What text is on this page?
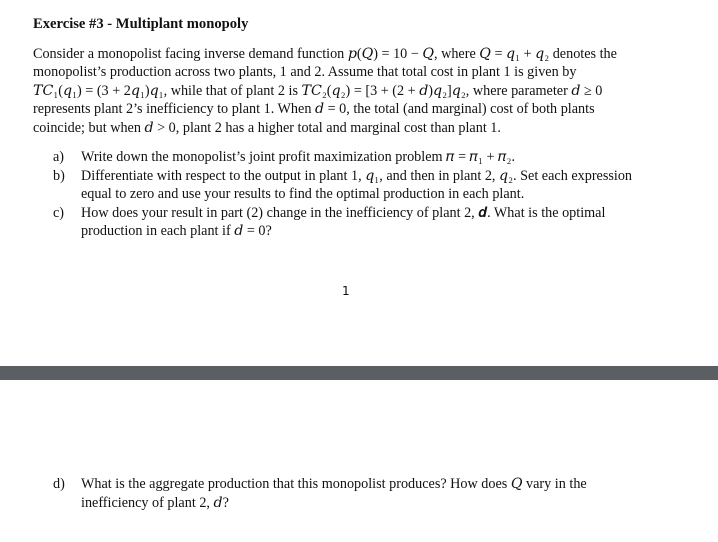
Exercise #3 - Multiplant monopoly
Consider a monopolist facing inverse demand function 𝑝(𝑄) = 10 − 𝑄, where 𝑄 = 𝑞₁ + 𝑞₂ denotes the
monopolist’s production across two plants, 1 and 2. Assume that total cost in plant 1 is given by
𝑇𝐶₁(𝑞₁) = (3 + 2𝑞₁)𝑞₁, while that of plant 2 is 𝑇𝐶₂(𝑞₂) = [3 + (2 + 𝑑)𝑞₂]𝑞₂, where parameter 𝑑 ≥ 0
represents plant 2’s inefficiency to plant 1. When 𝑑 = 0, the total (and marginal) cost of both plants
coincide; but when 𝑑 > 0, plant 2 has a higher total and marginal cost than plant 1.
a) Write down the monopolist’s joint profit maximization problem 𝜋 = 𝜋₁ + 𝜋₂.
b) Differentiate with respect to the output in plant 1, 𝑞₁, and then in plant 2, 𝑞₂. Set each expression
equal to zero and use your results to find the optimal production in each plant.
c) How does your result in part (2) change in the inefficiency of plant 2, 𝒅. What is the optimal
production in each plant if 𝑑 = 0?
1
d) What is the aggregate production that this monopolist produces? How does 𝑄 vary in the
inefficiency of plant 2, 𝑑?
